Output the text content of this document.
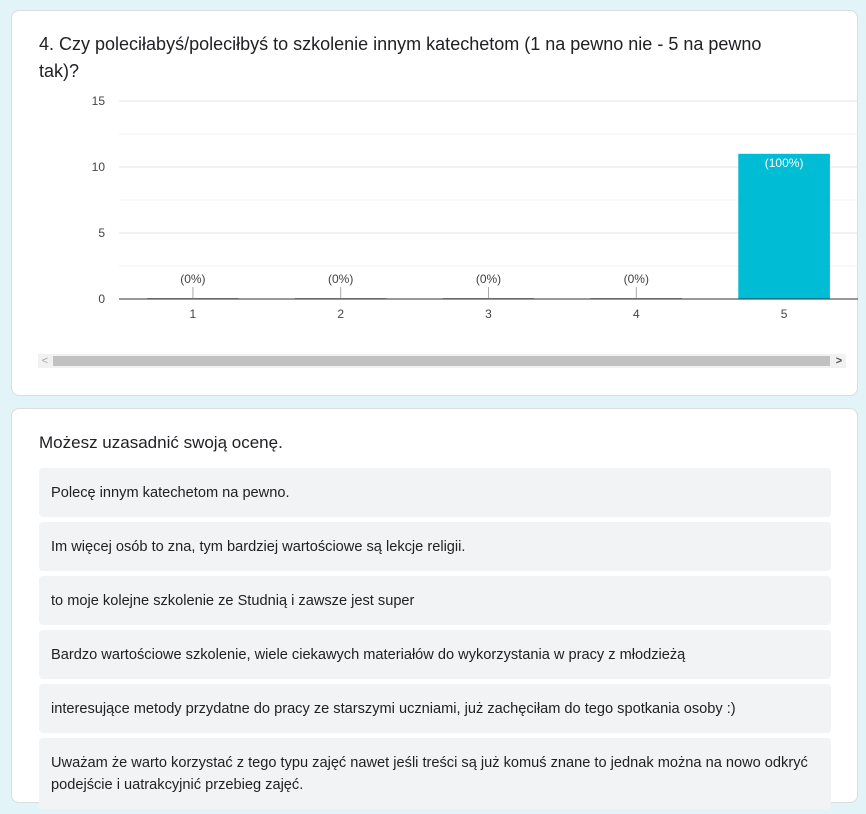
4. Czy poleciłabyś/poleciłbyś to szkolenie innym katechetom (1 na pewno nie - 5 na pewno tak)?
0
5
10
15
(0%)
1
(0%)
2
(0%)
3
(0%)
4
(100%)
5
<	>
Możesz uzasadnić swoją ocenę.
Polecę innym katechetom na pewno.
Im więcej osób to zna, tym bardziej wartościowe są lekcje religii.
to moje kolejne szkolenie ze Studnią i zawsze jest super
Bardzo wartościowe szkolenie, wiele ciekawych materiałów do wykorzystania w pracy z młodzieżą
interesujące metody przydatne do pracy ze starszymi uczniami, już zachęciłam do tego spotkania osoby :)
Uważam że warto korzystać z tego typu zajęć nawet jeśli treści są już komuś znane to jednak można na nowo odkryć podejście i uatrakcyjnić przebieg zajęć.
